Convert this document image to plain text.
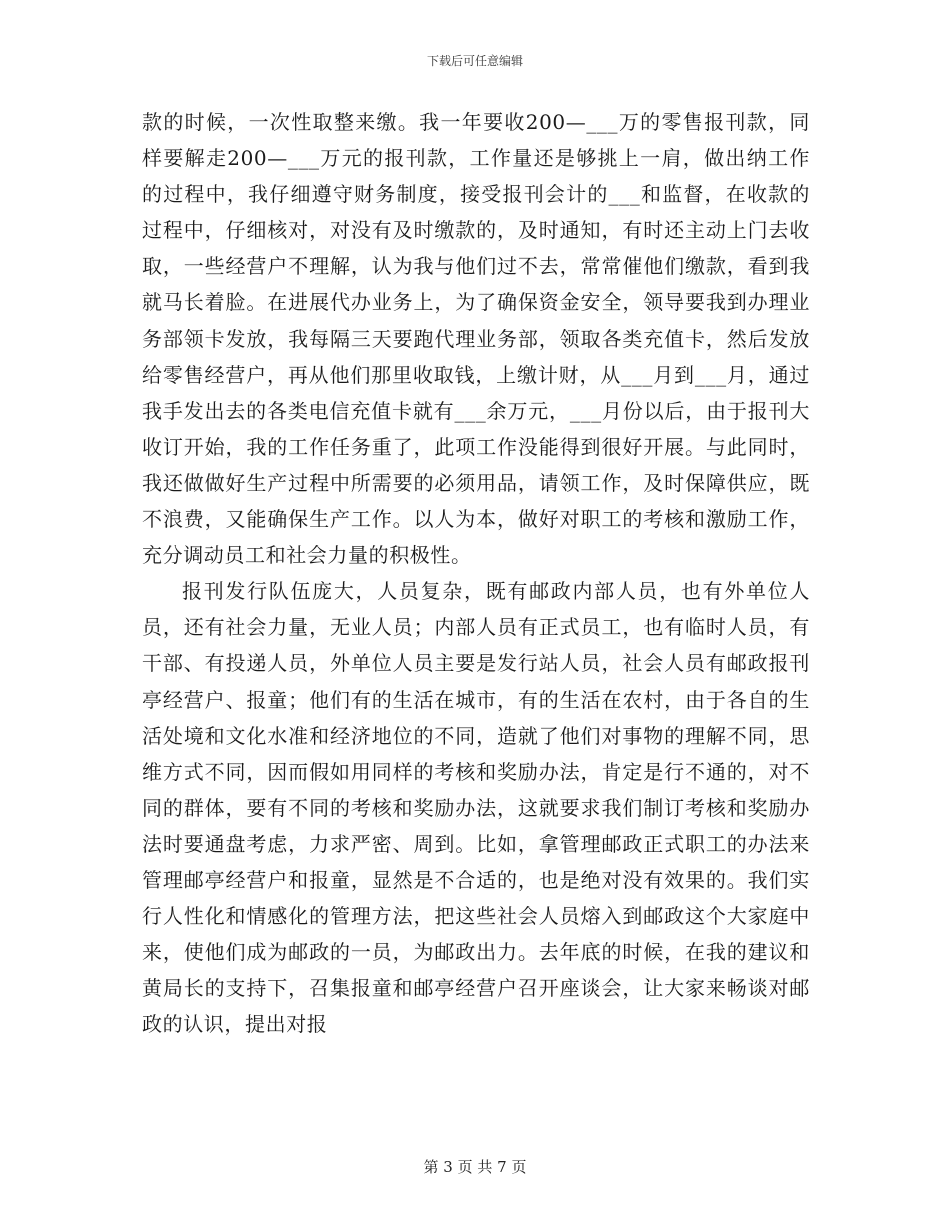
下载后可任意编辑

款的时候，一次性取整来缴。我一年要收200—___万的零售报刊款，同样要解走200—___万元的报刊款，工作量还是够挑上一肩，做出纳工作的过程中，我仔细遵守财务制度，接受报刊会计的___和监督，在收款的过程中，仔细核对，对没有及时缴款的，及时通知，有时还主动上门去收取，一些经营户不理解，认为我与他们过不去，常常催他们缴款，看到我就马长着脸。在进展代办业务上，为了确保资金安全，领导要我到办理业务部领卡发放，我每隔三天要跑代理业务部，领取各类充值卡，然后发放给零售经营户，再从他们那里收取钱，上缴计财，从___月到___月，通过我手发出去的各类电信充值卡就有___余万元，___月份以后，由于报刊大收订开始，我的工作任务重了，此项工作没能得到很好开展。与此同时，我还做做好生产过程中所需要的必须用品，请领工作，及时保障供应，既不浪费，又能确保生产工作。以人为本，做好对职工的考核和激励工作，充分调动员工和社会力量的积极性。

报刊发行队伍庞大，人员复杂，既有邮政内部人员，也有外单位人员，还有社会力量，无业人员；内部人员有正式员工，也有临时人员，有干部、有投递人员，外单位人员主要是发行站人员，社会人员有邮政报刊亭经营户、报童；他们有的生活在城市，有的生活在农村，由于各自的生活处境和文化水准和经济地位的不同，造就了他们对事物的理解不同，思维方式不同，因而假如用同样的考核和奖励办法，肯定是行不通的，对不同的群体，要有不同的考核和奖励办法，这就要求我们制订考核和奖励办法时要通盘考虑，力求严密、周到。比如，拿管理邮政正式职工的办法来管理邮亭经营户和报童，显然是不合适的，也是绝对没有效果的。我们实行人性化和情感化的管理方法，把这些社会人员熔入到邮政这个大家庭中来，使他们成为邮政的一员，为邮政出力。去年底的时候，在我的建议和黄局长的支持下，召集报童和邮亭经营户召开座谈会，让大家来畅谈对邮政的认识，提出对报

第 3 页 共 7 页
